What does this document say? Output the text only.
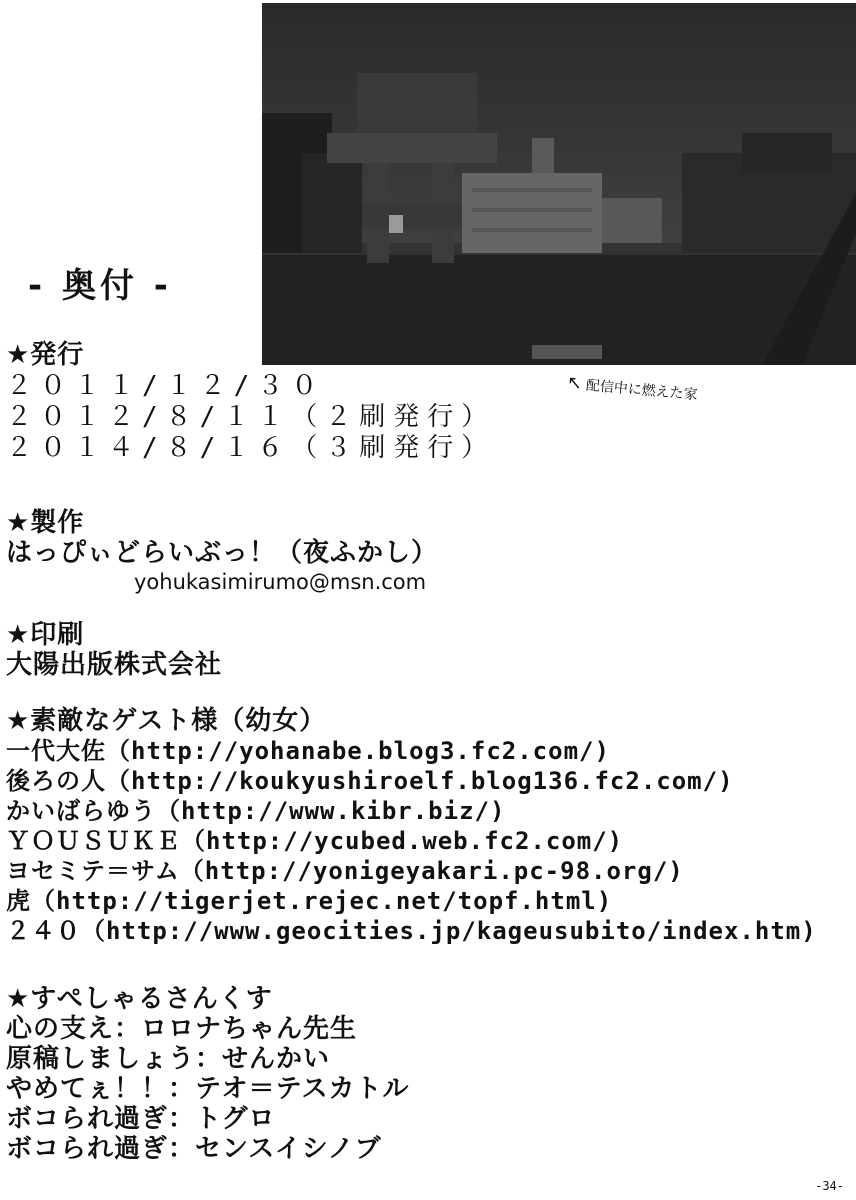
- 奥付 -
↖ 配信中に燃えた家
★発行
２０１１/１２/３０
２０１２/８/１１（２刷発行）
２０１４/８/１６（３刷発行）
★製作
はっぴぃどらいぶっ！（夜ふかし）
yohukasimirumo@msn.com
★印刷
大陽出版株式会社
★素敵なゲスト様（幼女）
一代大佐（http://yohanabe.blog3.fc2.com/)
後ろの人（http://koukyushiroelf.blog136.fc2.com/)
かいばらゆう（http://www.kibr.biz/)
ＹＯＵＳＵＫＥ（http://ycubed.web.fc2.com/)
ヨセミテ＝サム（http://yonigeyakari.pc-98.org/)
虎（http://tigerjet.rejec.net/topf.html)
２４０（http://www.geocities.jp/kageusubito/index.htm)
★すぺしゃるさんくす
心の支え：ロロナちゃん先生
原稿しましょう：せんかい
やめてぇ！！：テオ＝テスカトル
ボコられ過ぎ：トグロ
ボコられ過ぎ：センスイシノブ
-34-
